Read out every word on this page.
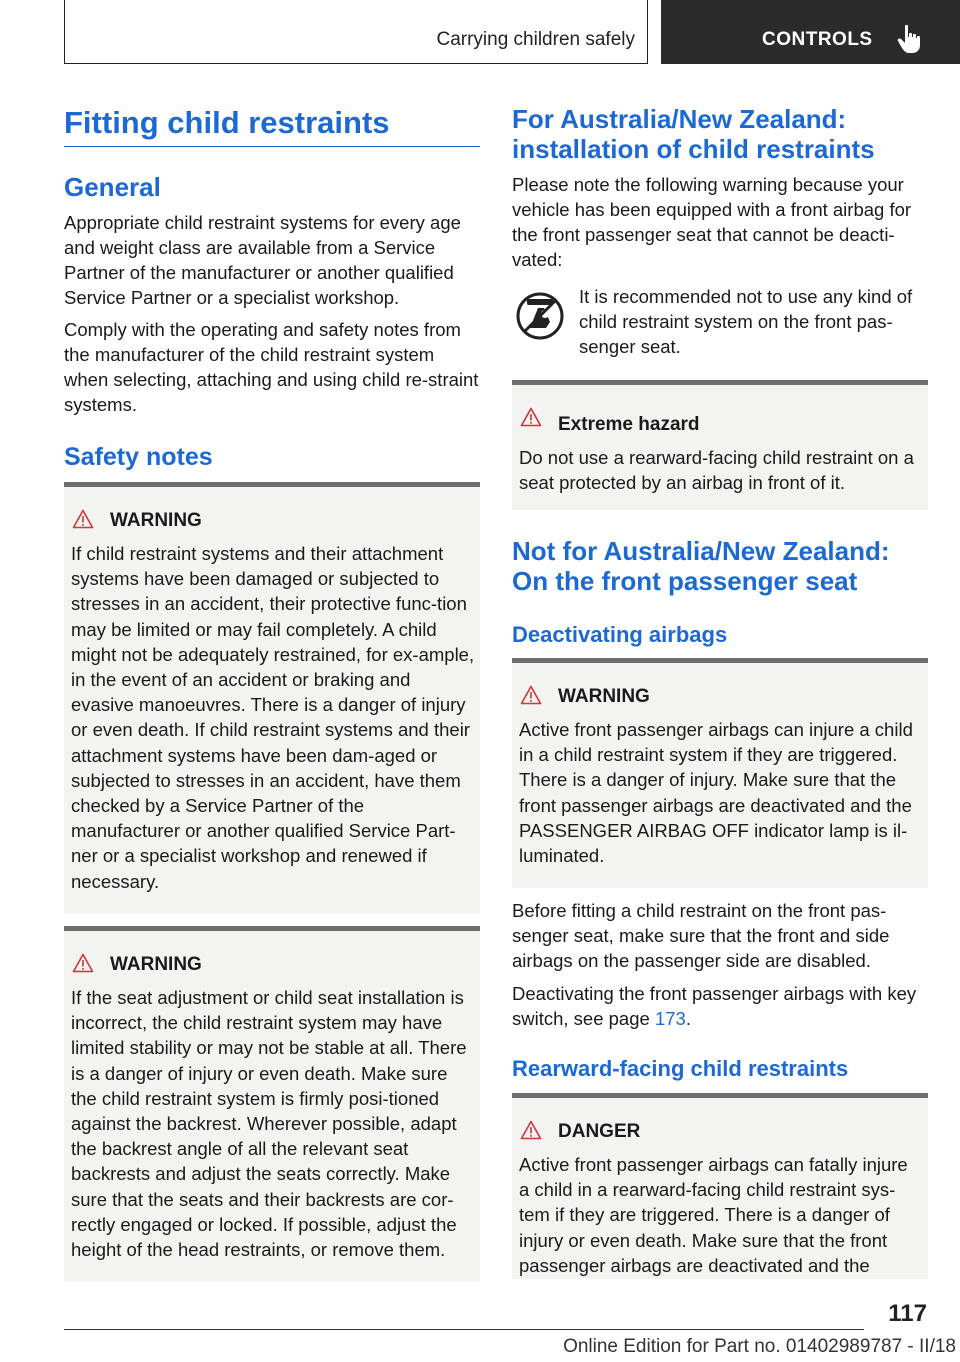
Carrying children safely	CONTROLS
Fitting child restraints
General

Appropriate child restraint systems for every age and weight class are available from a Service Partner of the manufacturer or another qualified Service Partner or a specialist workshop.

Comply with the operating and safety notes from the manufacturer of the child restraint system when selecting, attaching and using child re-straint systems.

Safety notes
WARNING

If child restraint systems and their attachment systems have been damaged or subjected to stresses in an accident, their protective func-tion may be limited or may fail completely. A child might not be adequately restrained, for ex-ample, in the event of an accident or braking and evasive manoeuvres. There is a danger of injury or even death. If child restraint systems and their attachment systems have been dam-aged or subjected to stresses in an accident, have them checked by a Service Partner of the manufacturer or another qualified Service Part-ner or a specialist workshop and renewed if necessary.

WARNING

If the seat adjustment or child seat installation is incorrect, the child restraint system may have limited stability or may not be stable at all. There is a danger of injury or even death. Make sure the child restraint system is firmly posi-tioned against the backrest. Wherever possible, adapt the backrest angle of all the relevant seat backrests and adjust the seats correctly. Make sure that the seats and their backrests are cor-rectly engaged or locked. If possible, adjust the height of the head restraints, or remove them.

For Australia/New Zealand:
installation of child restraints

Please note the following warning because your vehicle has been equipped with a front airbag for the front passenger seat that cannot be deacti-vated:

It is recommended not to use any kind of child restraint system on the front pas-senger seat.

Extreme hazard

Do not use a rearward-facing child restraint on a seat protected by an airbag in front of it.

Not for Australia/New Zealand:
On the front passenger seat
Deactivating airbags
WARNING

Active front passenger airbags can injure a child in a child restraint system if they are triggered. There is a danger of injury. Make sure that the front passenger airbags are deactivated and the PASSENGER AIRBAG OFF indicator lamp is il-luminated.

Before fitting a child restraint on the front pas-senger seat, make sure that the front and side airbags on the passenger side are disabled.

Deactivating the front passenger airbags with key switch, see page 173.

Rearward-facing child restraints
DANGER

Active front passenger airbags can fatally injure a child in a rearward-facing child restraint sys-tem if they are triggered. There is a danger of injury or even death. Make sure that the front passenger airbags are deactivated and the

117
Online Edition for Part no. 01402989787 - II/18
